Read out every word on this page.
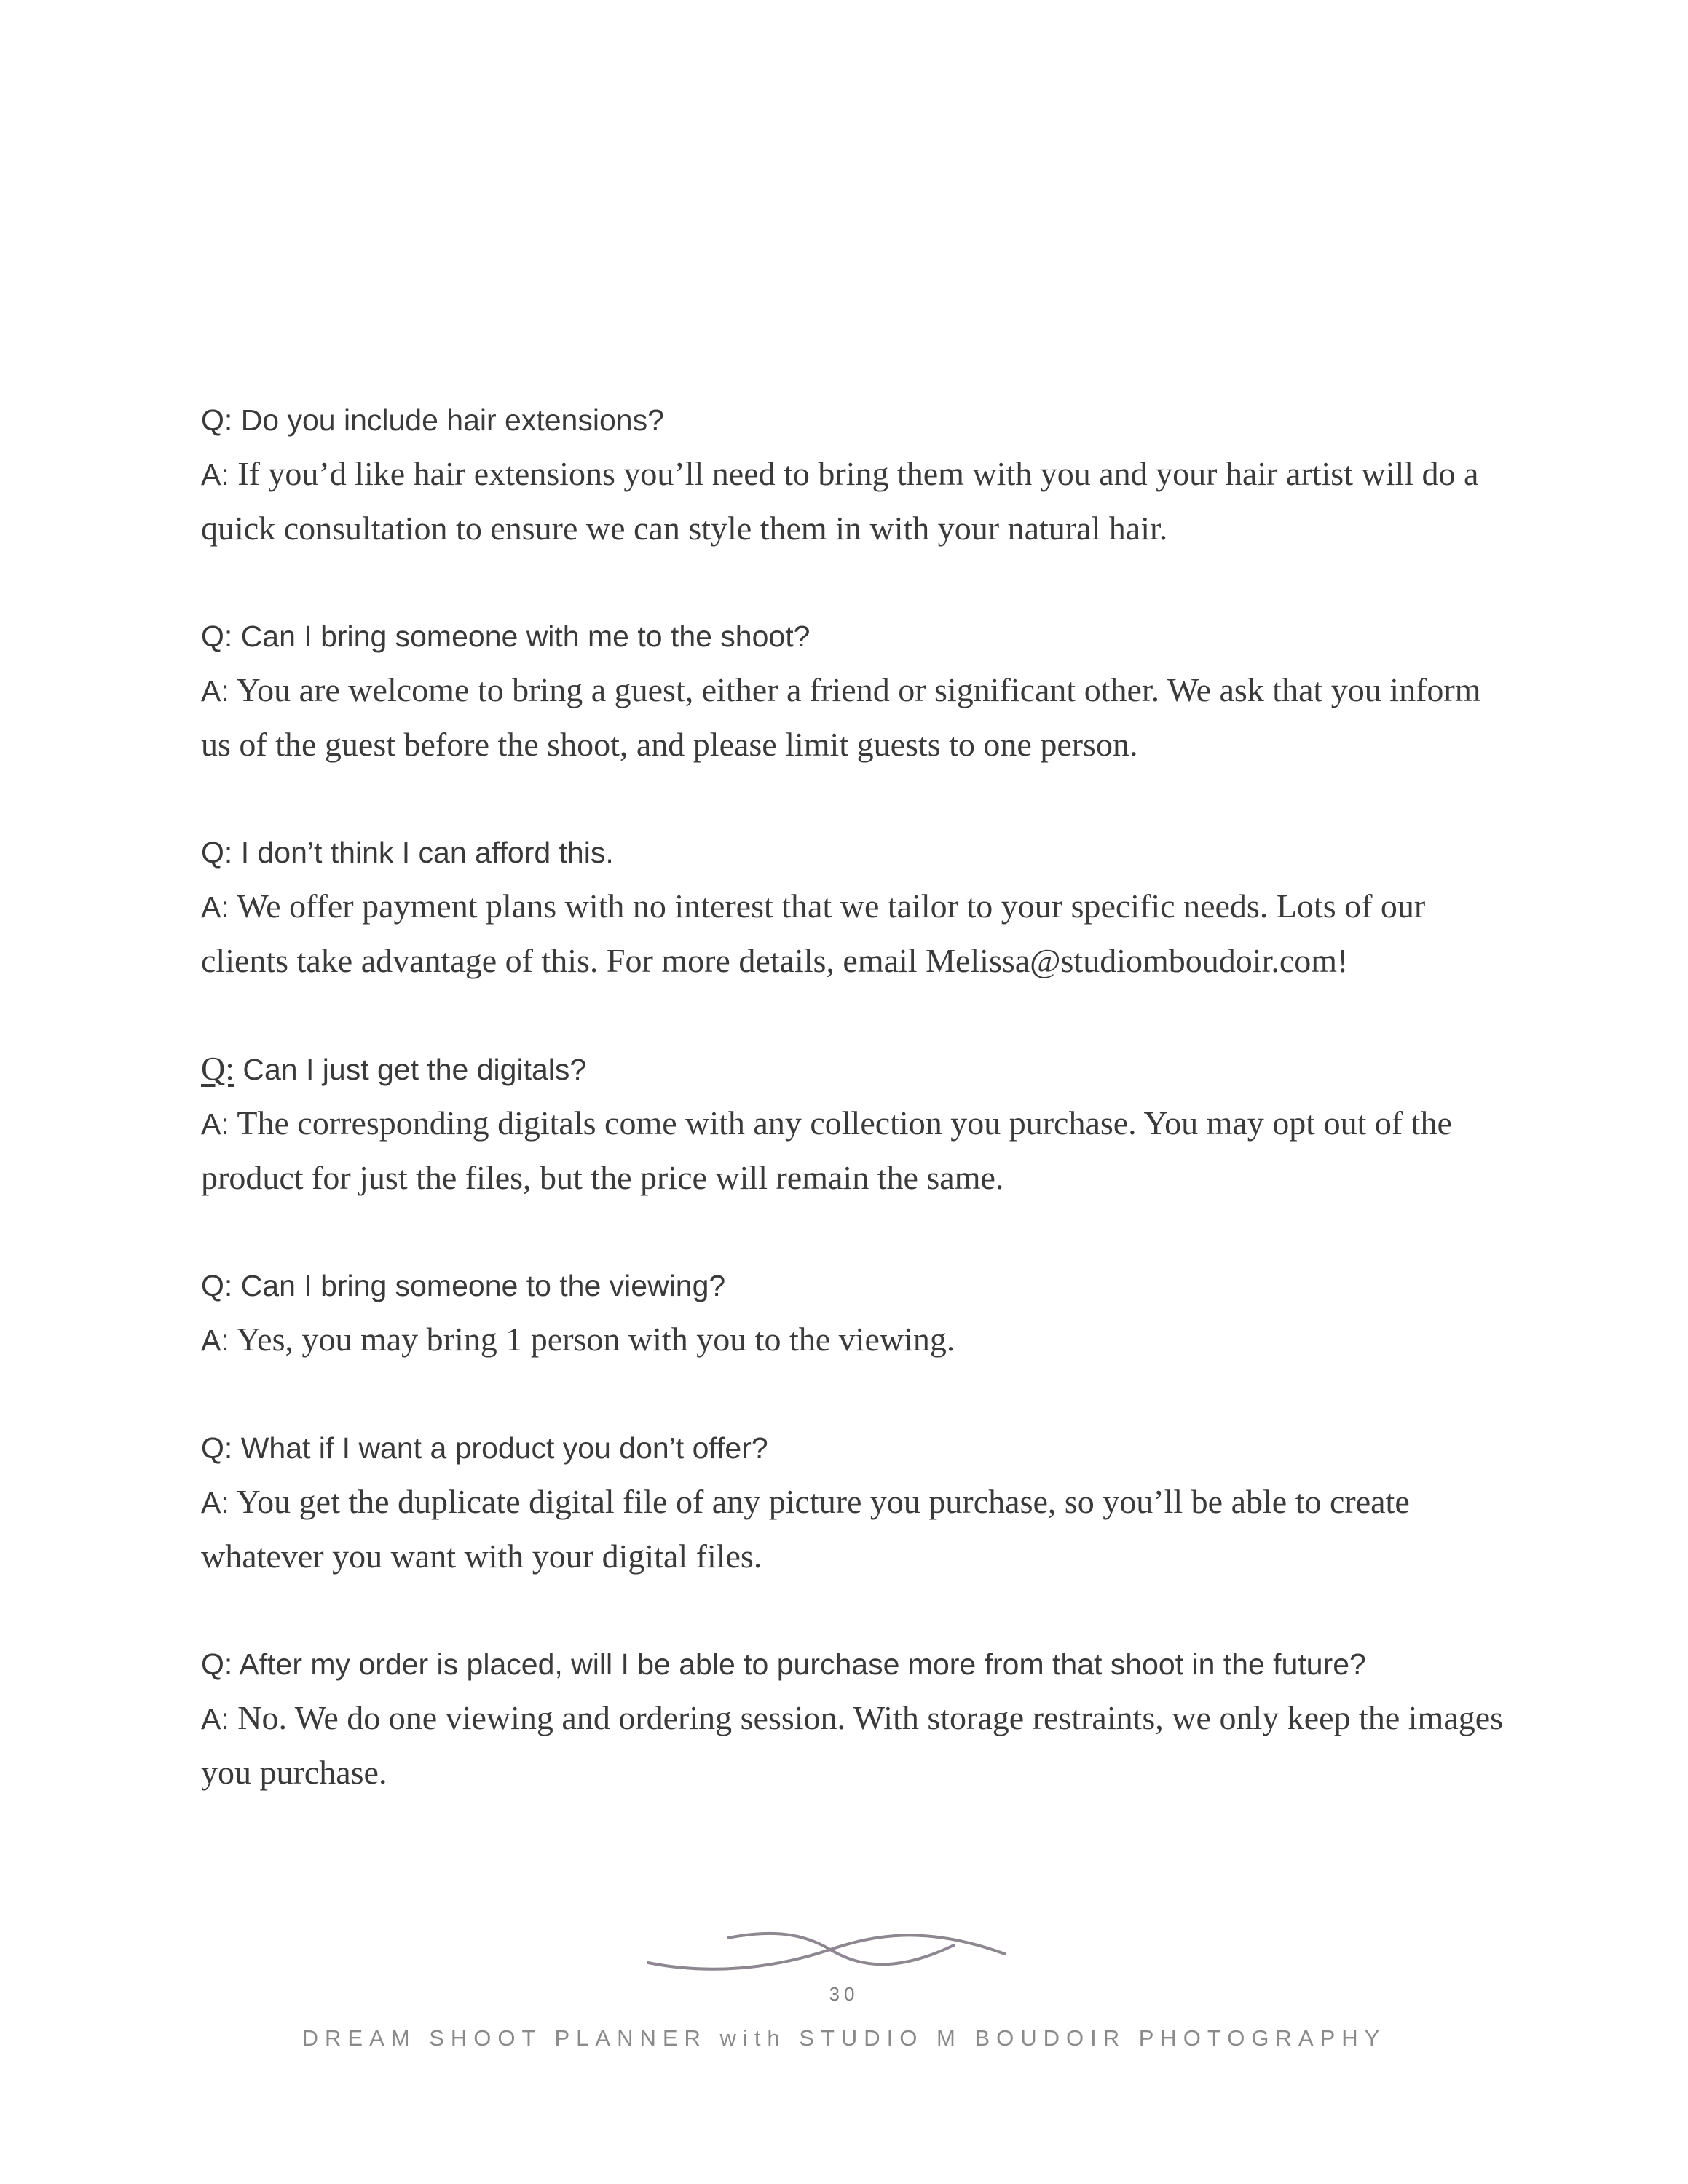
Q: Do you include hair extensions?

A: If you’d like hair extensions you’ll need to bring them with you and your hair artist will do a quick consultation to ensure we can style them in with your natural hair.

Q: Can I bring someone with me to the shoot?

A: You are welcome to bring a guest, either a friend or significant other. We ask that you inform us of the guest before the shoot, and please limit guests to one person.

Q: I don’t think I can afford this.

A: We offer payment plans with no interest that we tailor to your specific needs. Lots of our clients take advantage of this. For more details, email Melissa@studiomboudoir.com!

Q: Can I just get the digitals?

A: The corresponding digitals come with any collection you purchase. You may opt out of the product for just the files, but the price will remain the same.

Q: Can I bring someone to the viewing?

A: Yes, you may bring 1 person with you to the viewing.

Q: What if I want a product you don’t offer?

A: You get the duplicate digital file of any picture you purchase, so you’ll be able to create whatever you want with your digital files.

Q: After my order is placed, will I be able to purchase more from that shoot in the future?

A: No. We do one viewing and ordering session. With storage restraints, we only keep the images you purchase.

30
DREAM SHOOT PLANNER with STUDIO M BOUDOIR PHOTOGRAPHY
